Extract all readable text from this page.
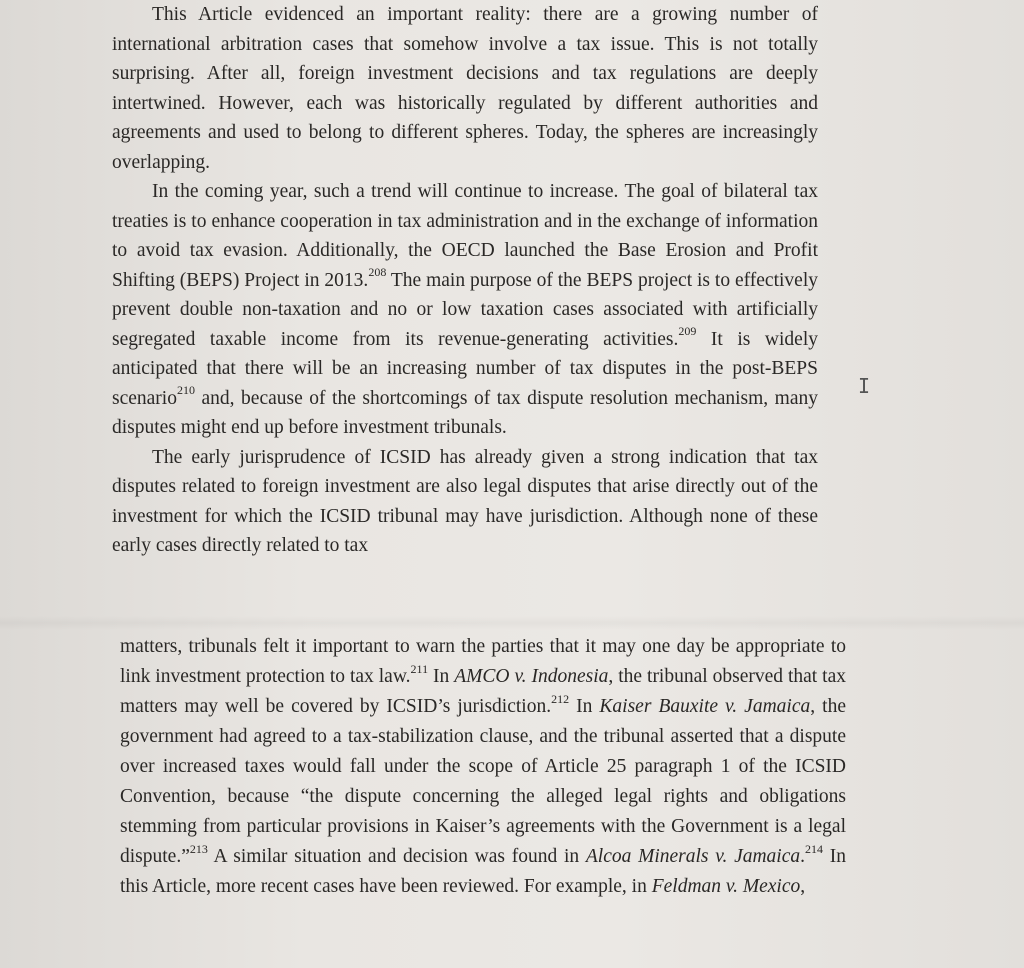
This Article evidenced an important reality: there are a growing number of international arbitration cases that somehow involve a tax issue. This is not totally surprising. After all, foreign investment decisions and tax regulations are deeply intertwined. However, each was historically regulated by different authorities and agreements and used to belong to different spheres. Today, the spheres are increasingly overlapping.

In the coming year, such a trend will continue to increase. The goal of bilateral tax treaties is to enhance cooperation in tax administration and in the exchange of information to avoid tax evasion. Additionally, the OECD launched the Base Erosion and Profit Shifting (BEPS) Project in 2013.$^{208}$ The main purpose of the BEPS project is to effectively prevent double non-taxation and no or low taxation cases associated with artificially segregated taxable income from its revenue-generating activities.$^{209}$ It is widely anticipated that there will be an increasing number of tax disputes in the post-BEPS scenario$^{210}$ and, because of the shortcomings of tax dispute resolution mechanism, many disputes might end up before investment tribunals.

The early jurisprudence of ICSID has already given a strong indication that tax disputes related to foreign investment are also legal disputes that arise directly out of the investment for which the ICSID tribunal may have jurisdiction. Although none of these early cases directly related to tax

matters, tribunals felt it important to warn the parties that it may one day be appropriate to link investment protection to tax law.$^{211}$ In AMCO v. Indonesia, the tribunal observed that tax matters may well be covered by ICSID’s jurisdiction.$^{212}$ In Kaiser Bauxite v. Jamaica, the government had agreed to a tax-stabilization clause, and the tribunal asserted that a dispute over increased taxes would fall under the scope of Article 25 paragraph 1 of the ICSID Convention, because “the dispute concerning the alleged legal rights and obligations stemming from particular provisions in Kaiser’s agreements with the Government is a legal dispute.”$^{213}$ A similar situation and decision was found in Alcoa Minerals v. Jamaica.$^{214}$ In this Article, more recent cases have been reviewed. For example, in Feldman v. Mexico,

I
